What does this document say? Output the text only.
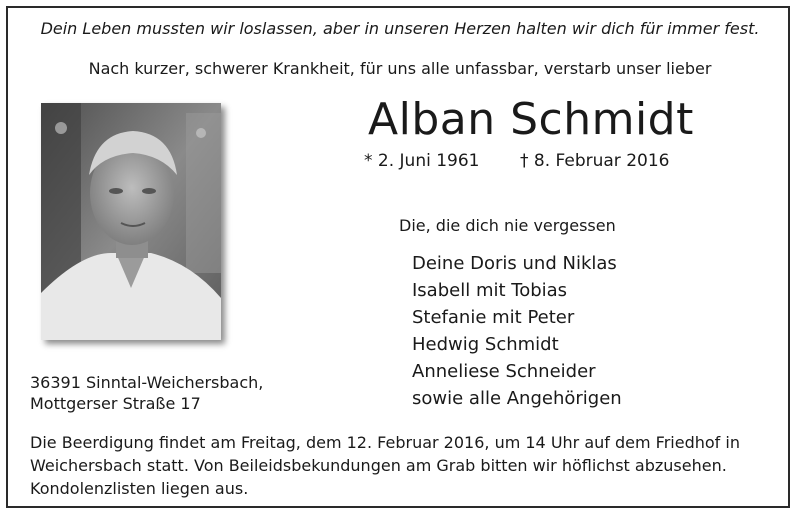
Dein Leben mussten wir loslassen, aber in unseren Herzen halten wir dich für immer fest.
Nach kurzer, schwerer Krankheit, für uns alle unfassbar, verstarb unser lieber
Alban Schmidt
* 2. Juni 1961 † 8. Februar 2016
Die, die dich nie vergessen
Deine Doris und Niklas
Isabell mit Tobias
Stefanie mit Peter
Hedwig Schmidt
Anneliese Schneider
sowie alle Angehörigen
36391 Sinntal-Weichersbach,
Mottgerser Straße 17
Die Beerdigung findet am Freitag, dem 12. Februar 2016, um 14 Uhr auf dem Friedhof in
Weichersbach statt. Von Beileidsbekundungen am Grab bitten wir höflichst abzusehen.
Kondolenzlisten liegen aus.
